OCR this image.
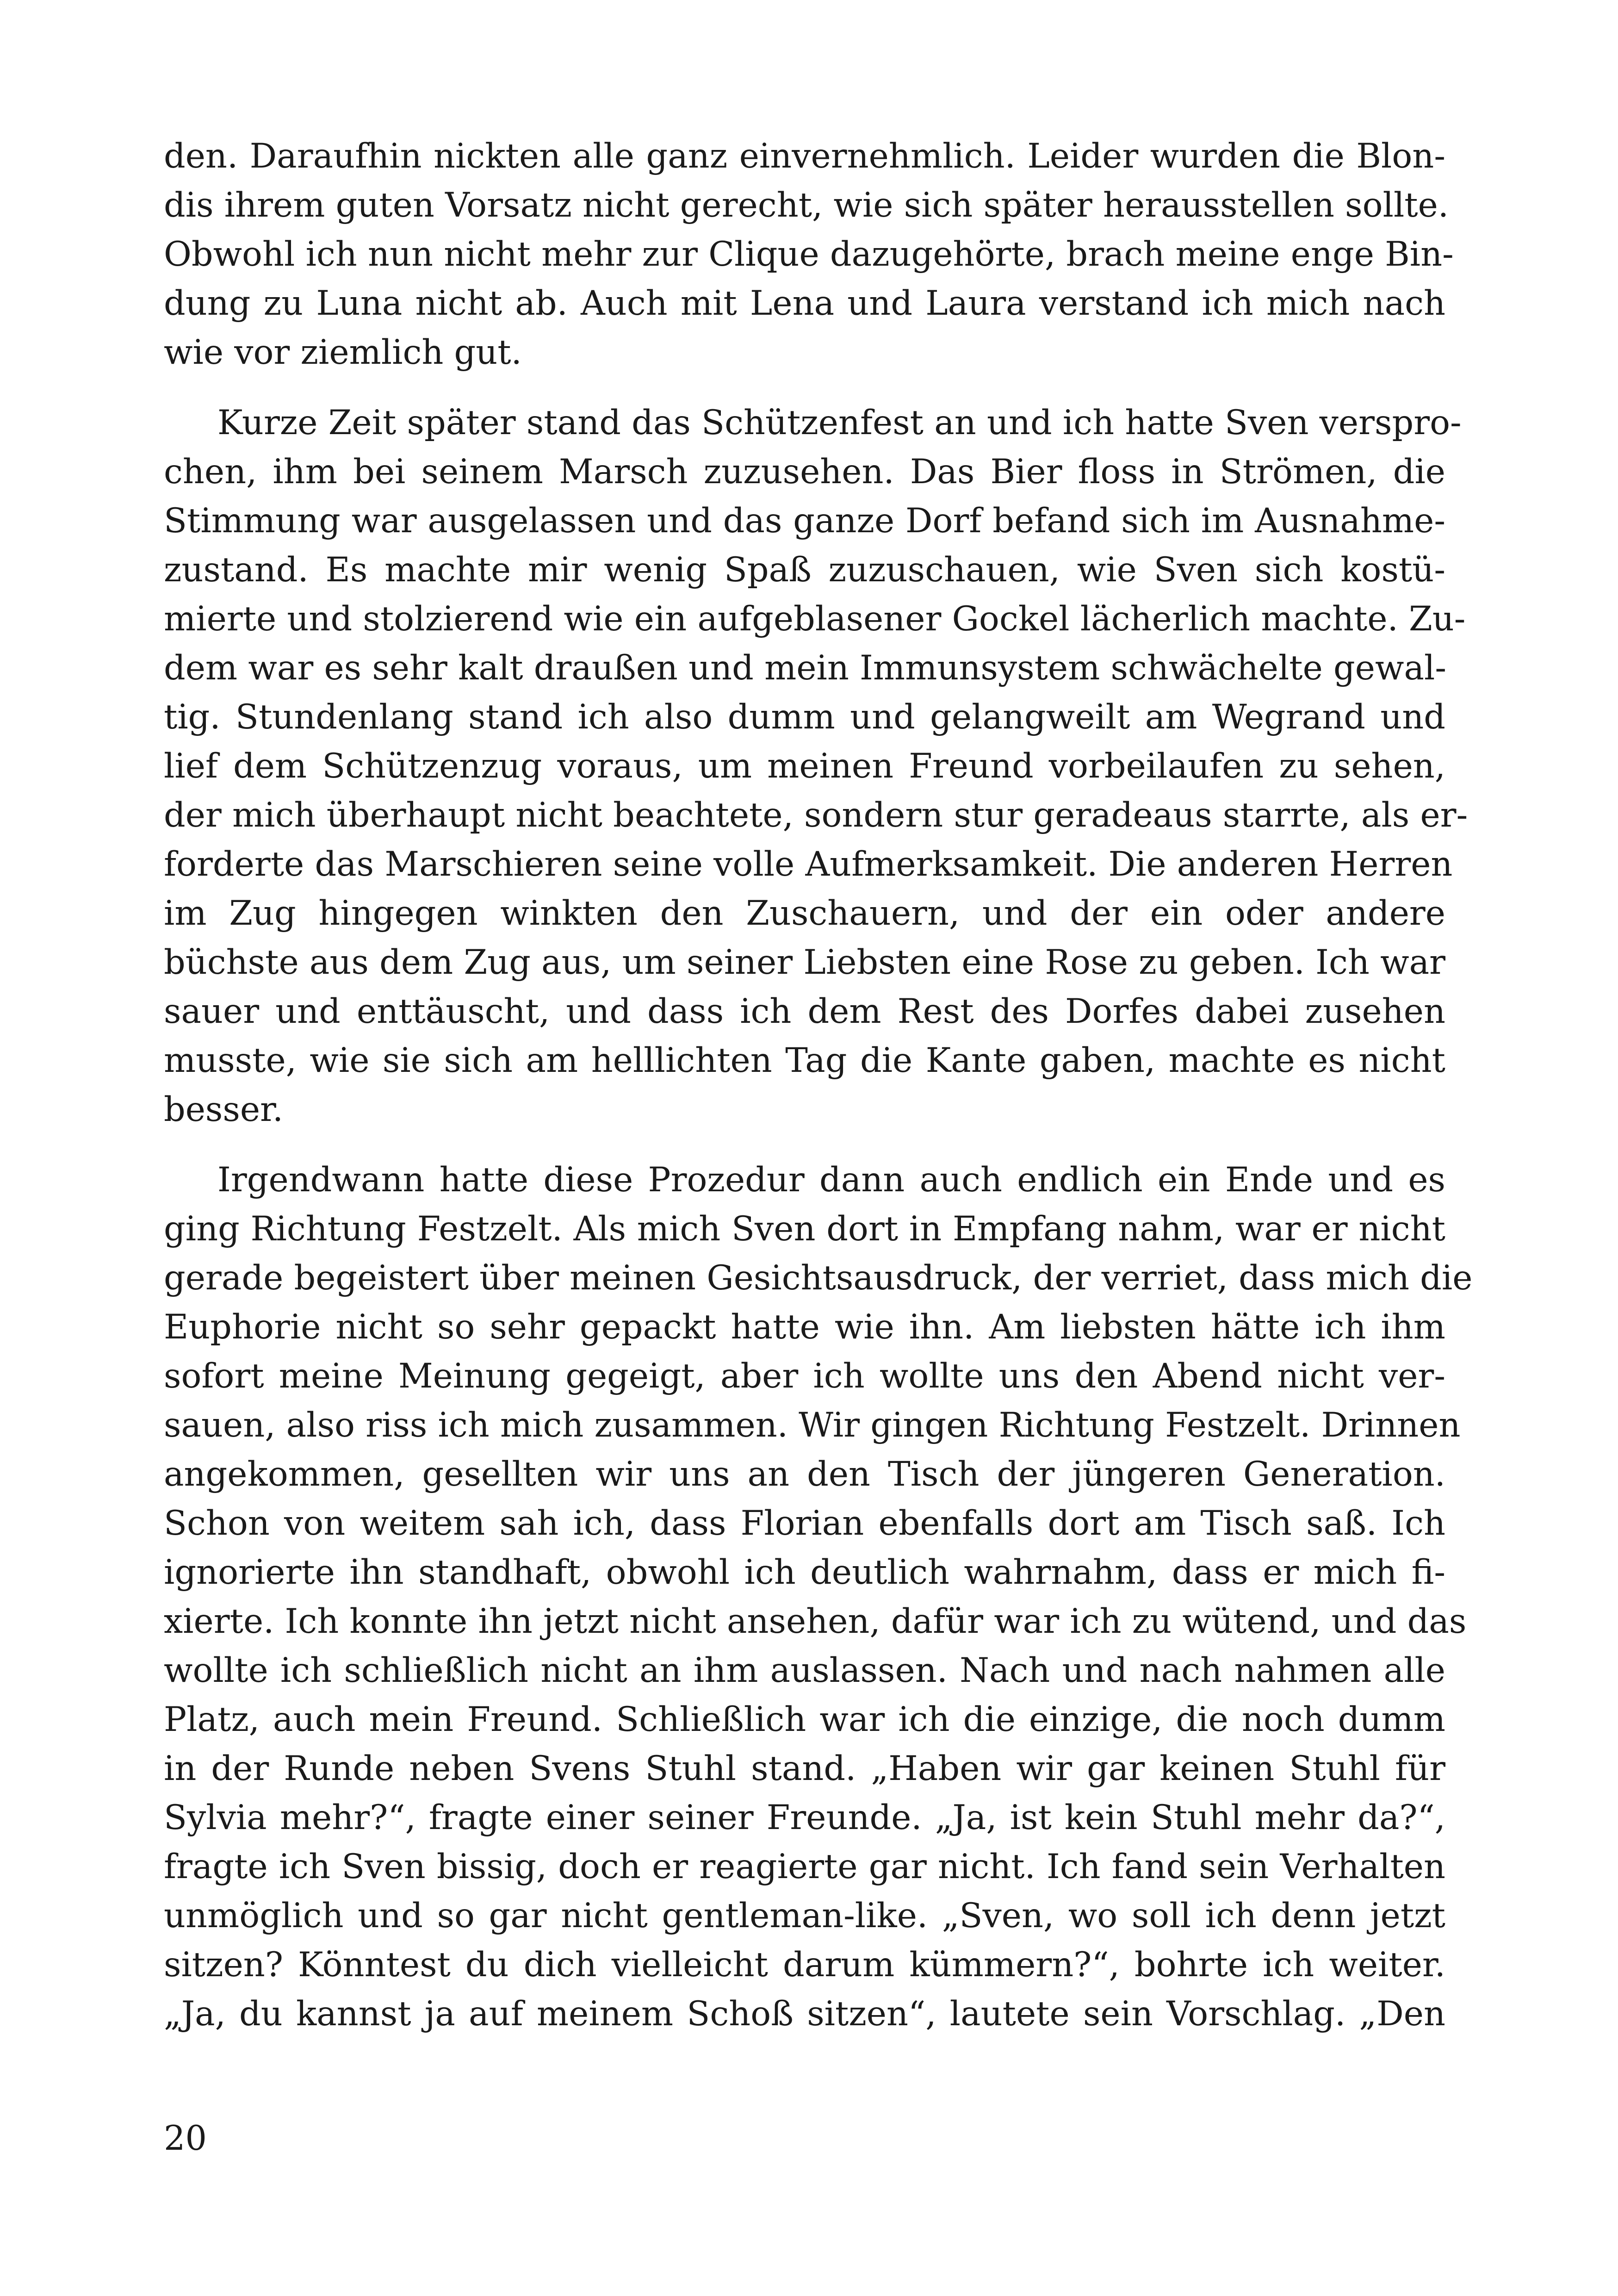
den. Daraufhin nickten alle ganz einvernehmlich. Leider wurden die Blon-
dis ihrem guten Vorsatz nicht gerecht, wie sich später herausstellen sollte.
Obwohl ich nun nicht mehr zur Clique dazugehörte, brach meine enge Bin-
dung zu Luna nicht ab. Auch mit Lena und Laura verstand ich mich nach
wie vor ziemlich gut.
Kurze Zeit später stand das Schützenfest an und ich hatte Sven verspro-
chen, ihm bei seinem Marsch zuzusehen. Das Bier floss in Strömen, die
Stimmung war ausgelassen und das ganze Dorf befand sich im Ausnahme-
zustand. Es machte mir wenig Spaß zuzuschauen, wie Sven sich kostü-
mierte und stolzierend wie ein aufgeblasener Gockel lächerlich machte. Zu-
dem war es sehr kalt draußen und mein Immunsystem schwächelte gewal-
tig. Stundenlang stand ich also dumm und gelangweilt am Wegrand und
lief dem Schützenzug voraus, um meinen Freund vorbeilaufen zu sehen,
der mich überhaupt nicht beachtete, sondern stur geradeaus starrte, als er-
forderte das Marschieren seine volle Aufmerksamkeit. Die anderen Herren
im Zug hingegen winkten den Zuschauern, und der ein oder andere
büchste aus dem Zug aus, um seiner Liebsten eine Rose zu geben. Ich war
sauer und enttäuscht, und dass ich dem Rest des Dorfes dabei zusehen
musste, wie sie sich am helllichten Tag die Kante gaben, machte es nicht
besser.
Irgendwann hatte diese Prozedur dann auch endlich ein Ende und es
ging Richtung Festzelt. Als mich Sven dort in Empfang nahm, war er nicht
gerade begeistert über meinen Gesichtsausdruck, der verriet, dass mich die
Euphorie nicht so sehr gepackt hatte wie ihn. Am liebsten hätte ich ihm
sofort meine Meinung gegeigt, aber ich wollte uns den Abend nicht ver-
sauen, also riss ich mich zusammen. Wir gingen Richtung Festzelt. Drinnen
angekommen, gesellten wir uns an den Tisch der jüngeren Generation.
Schon von weitem sah ich, dass Florian ebenfalls dort am Tisch saß. Ich
ignorierte ihn standhaft, obwohl ich deutlich wahrnahm, dass er mich fi-
xierte. Ich konnte ihn jetzt nicht ansehen, dafür war ich zu wütend, und das
wollte ich schließlich nicht an ihm auslassen. Nach und nach nahmen alle
Platz, auch mein Freund. Schließlich war ich die einzige, die noch dumm
in der Runde neben Svens Stuhl stand. „Haben wir gar keinen Stuhl für
Sylvia mehr?“, fragte einer seiner Freunde. „Ja, ist kein Stuhl mehr da?“,
fragte ich Sven bissig, doch er reagierte gar nicht. Ich fand sein Verhalten
unmöglich und so gar nicht gentleman-like. „Sven, wo soll ich denn jetzt
sitzen? Könntest du dich vielleicht darum kümmern?“, bohrte ich weiter.
„Ja, du kannst ja auf meinem Schoß sitzen“, lautete sein Vorschlag. „Den
20
